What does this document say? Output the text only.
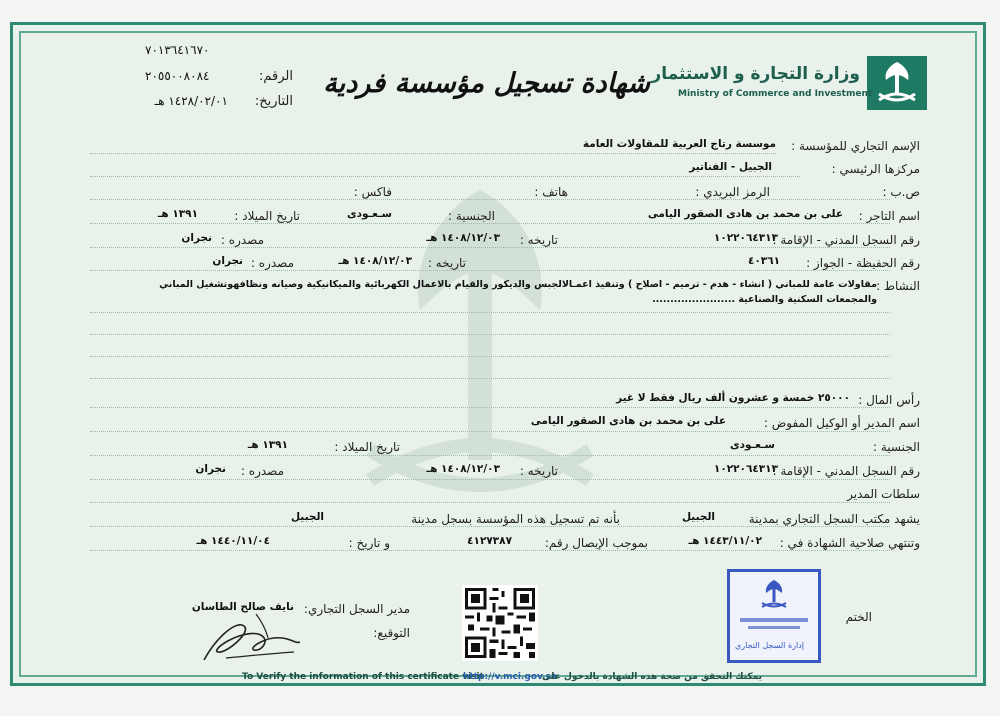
وزارة التجارة و الاستثمار
Ministry of Commerce and Investment
شهادة تسجيل مؤسسة فردية
٧٠١٣٦٤١٦٧٠
الرقم:
٢٠٥٥٠٠٨٠٨٤
التاريخ:
١٤٢٨/٠٢/٠١ هـ
الإسم التجاري للمؤسسة :
موسسة رتاج العربية للمقاولات العامة
مركزها الرئيسي :
الجبيل - الفناتير
ص.ب :
الرمز البريدي :
هاتف :
فاكس :
اسم التاجر :
على بن محمد بن هادى الصقور اليامى
الجنسية :
سـعـودى
تاريخ الميلاد :
١٣٩١ هـ
رقم السجل المدني - الإقامة :
١٠٢٢٠٦٤٣١٣
تاريخه :
١٤٠٨/١٢/٠٣ هـ
مصدره :
نجران
رقم الحفيظة - الجواز :
٤٠٣٦١
تاريخه :
١٤٠٨/١٢/٠٣ هـ
مصدره :
نجران
النشاط :
مقاولات عامة للمباني ( انشاء - هدم - ترميم - اصلاح ) وتنفيذ اعمـالالجبس والديكور والقيام بالاعمال الكهربائية والميكانيكية وصيانه ونظافهوتشغيل المباني
والمجمعات السكنية والصناعية .......................
رأس المال :
٢٥٠٠٠ خمسة و عشرون ألف ريال فقط لا غير
اسم المدير أو الوكيل المفوض :
على بن محمد بن هادى الصقور اليامى
الجنسية :
سـعـودى
تاريخ الميلاد :
١٣٩١ هـ
رقم السجل المدني - الإقامة :
١٠٢٢٠٦٤٣١٣
تاريخه :
١٤٠٨/١٢/٠٣ هـ
مصدره :
نجران
سلطات المدير
يشهد مكتب السجل التجاري بمدينة
الجبيل
بأنه تم تسجيل هذه المؤسسة بسجل مدينة
الجبيل
وتنتهي صلاحية الشهادة في :
١٤٤٣/١١/٠٢ هـ
بموجب الإيصال رقم:
٤١٢٧٣٨٧
و تاريخ :
١٤٤٠/١١/٠٤ هـ
الختم
إدارة السجل التجاري
مدير السجل التجاري:
نايف صالح الطاسان
التوقيع:
To Verify the information of this certificate visit
http://v.mci.gov.sa
يمكنك التحقق من صحة هذه الشهادة بالدخول على
